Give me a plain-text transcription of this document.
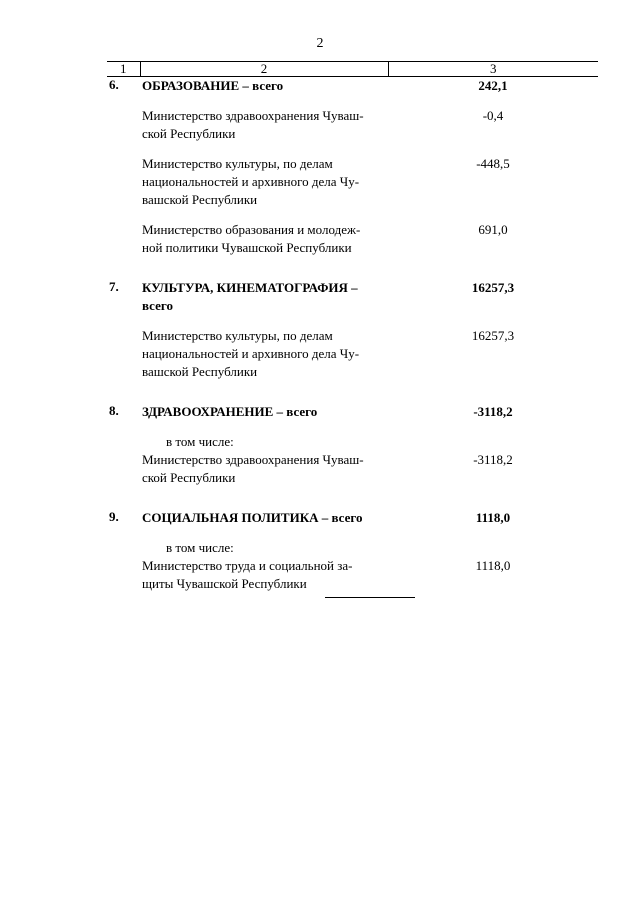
2
1	2	3
6.	ОБРАЗОВАНИЕ – всего	242,1

	Министерство здравоохранения Чуваш-
ской Республики	-0,4

	Министерство культуры, по делам
национальностей и архивного дела Чу-
вашской Республики	-448,5

	Министерство образования и молодеж-
ной политики Чувашской Республики	691,0

7.	КУЛЬТУРА, КИНЕМАТОГРАФИЯ –
всего	16257,3

	Министерство культуры, по делам
национальностей и архивного дела Чу-
вашской Республики	16257,3

8.	ЗДРАВООХРАНЕНИЕ – всего	-3118,2

	в том числе:
Министерство здравоохранения Чуваш-
ской Республики	-3118,2

9.	СОЦИАЛЬНАЯ ПОЛИТИКА – всего	1118,0

	в том числе:
Министерство труда и социальной за-
щиты Чувашской Республики	1118,0
